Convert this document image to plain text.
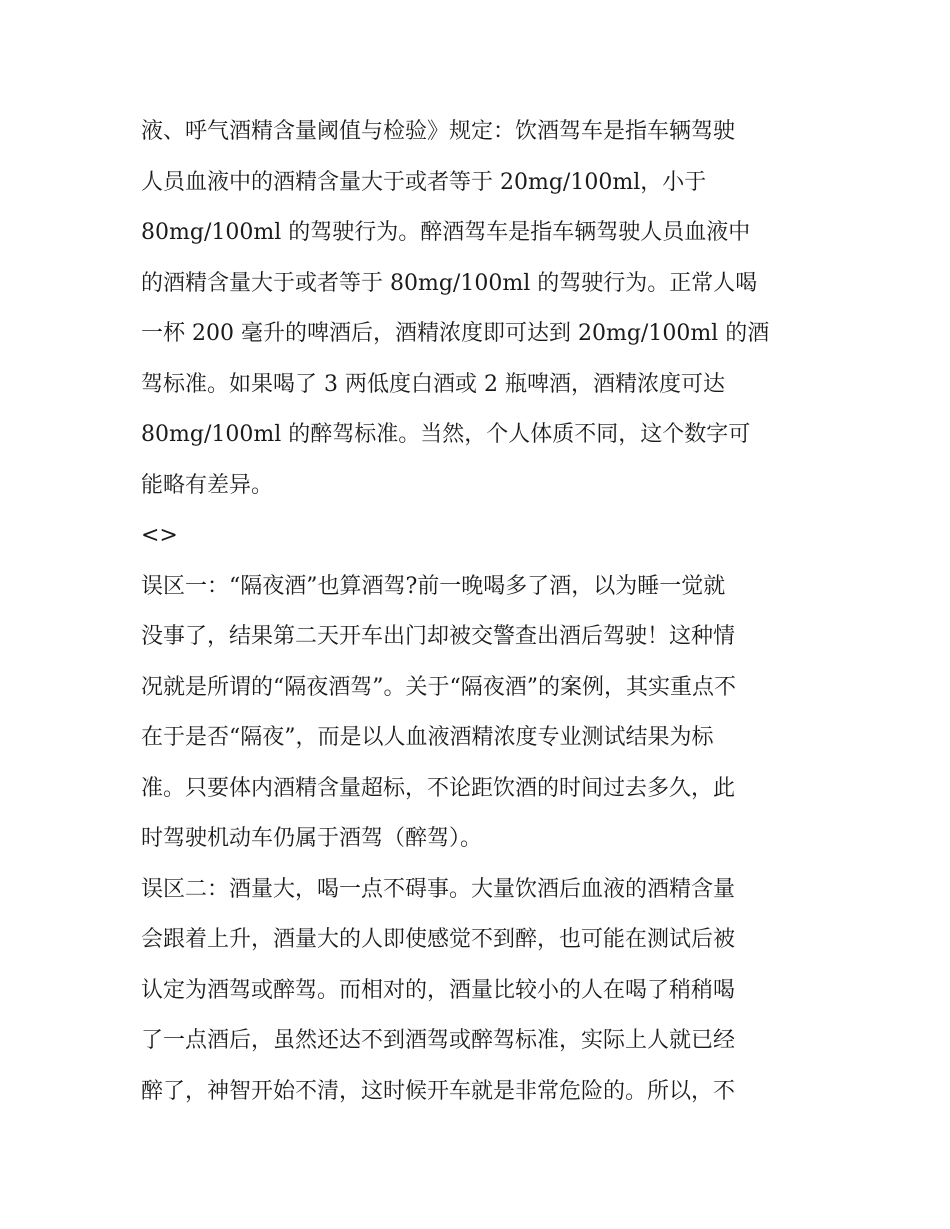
液、呼气酒精含量阈值与检验》规定：饮酒驾车是指车辆驾驶
人员血液中的酒精含量大于或者等于 20mg/100ml，小于
80mg/100ml 的驾驶行为。醉酒驾车是指车辆驾驶人员血液中
的酒精含量大于或者等于 80mg/100ml 的驾驶行为。正常人喝
一杯 200 毫升的啤酒后，酒精浓度即可达到 20mg/100ml 的酒
驾标准。如果喝了 3 两低度白酒或 2 瓶啤酒，酒精浓度可达
80mg/100ml 的醉驾标准。当然，个人体质不同，这个数字可
能略有差异。
<>
误区一：“隔夜酒”也算酒驾?前一晚喝多了酒，以为睡一觉就
没事了，结果第二天开车出门却被交警查出酒后驾驶！这种情
况就是所谓的“隔夜酒驾”。关于“隔夜酒”的案例，其实重点不
在于是否“隔夜”，而是以人血液酒精浓度专业测试结果为标
准。只要体内酒精含量超标，不论距饮酒的时间过去多久，此
时驾驶机动车仍属于酒驾（醉驾）。
误区二：酒量大，喝一点不碍事。大量饮酒后血液的酒精含量
会跟着上升，酒量大的人即使感觉不到醉，也可能在测试后被
认定为酒驾或醉驾。而相对的，酒量比较小的人在喝了稍稍喝
了一点酒后，虽然还达不到酒驾或醉驾标准，实际上人就已经
醉了，神智开始不清，这时候开车就是非常危险的。所以，不
